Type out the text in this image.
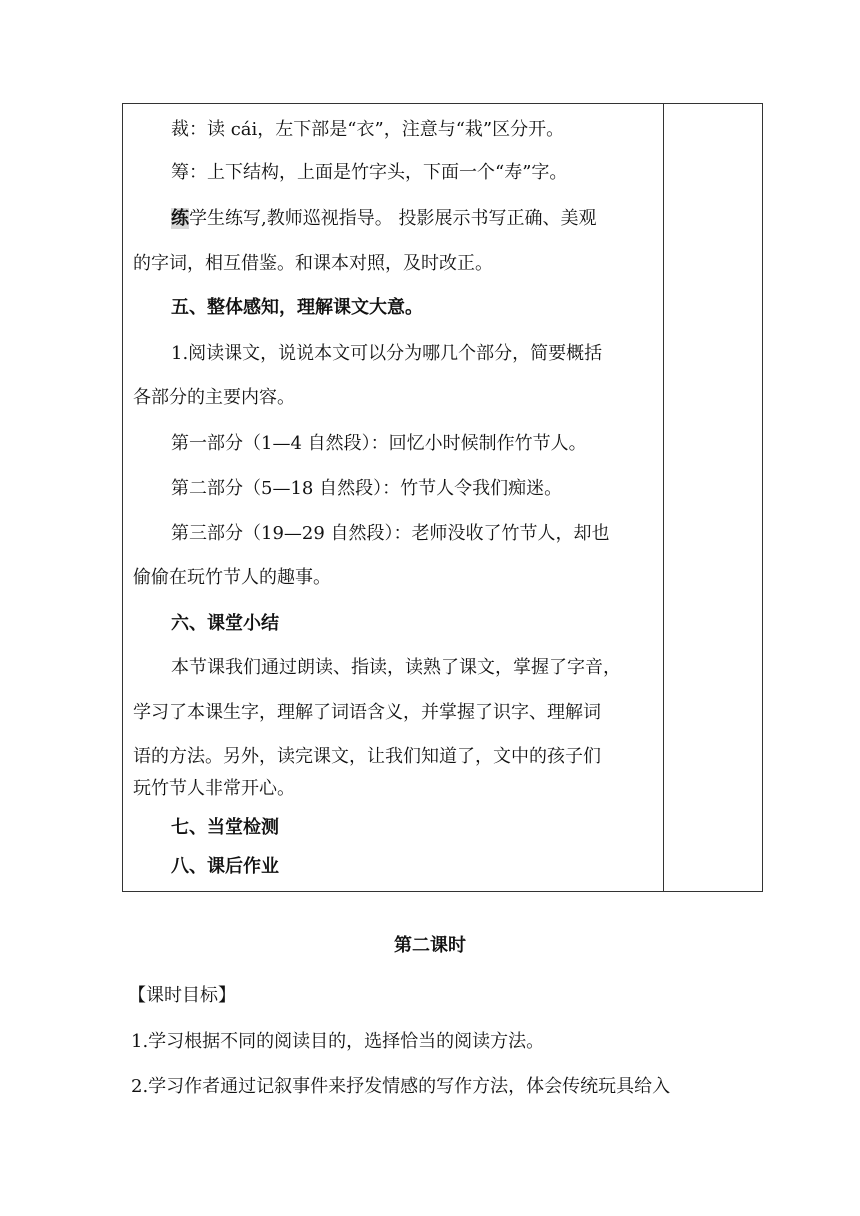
裁：读 cái，左下部是“衣”，注意与“栽”区分开。
筹：上下结构，上面是竹字头，下面一个“寿”字。
练学生练写,教师巡视指导。 投影展示书写正确、美观
的字词，相互借鉴。和课本对照，及时改正。
五、整体感知，理解课文大意。
1.阅读课文，说说本文可以分为哪几个部分，简要概括
各部分的主要内容。
第一部分（1—4 自然段）：回忆小时候制作竹节人。
第二部分（5—18 自然段）：竹节人令我们痴迷。
第三部分（19—29 自然段）：老师没收了竹节人，却也
偷偷在玩竹节人的趣事。
六、课堂小结
本节课我们通过朗读、指读，读熟了课文，掌握了字音，
学习了本课生字，理解了词语含义，并掌握了识字、理解词
语的方法。另外，读完课文，让我们知道了，文中的孩子们
玩竹节人非常开心。
七、当堂检测
八、课后作业
第二课时
【课时目标】
1.学习根据不同的阅读目的，选择恰当的阅读方法。
2.学习作者通过记叙事件来抒发情感的写作方法，体会传统玩具给入
